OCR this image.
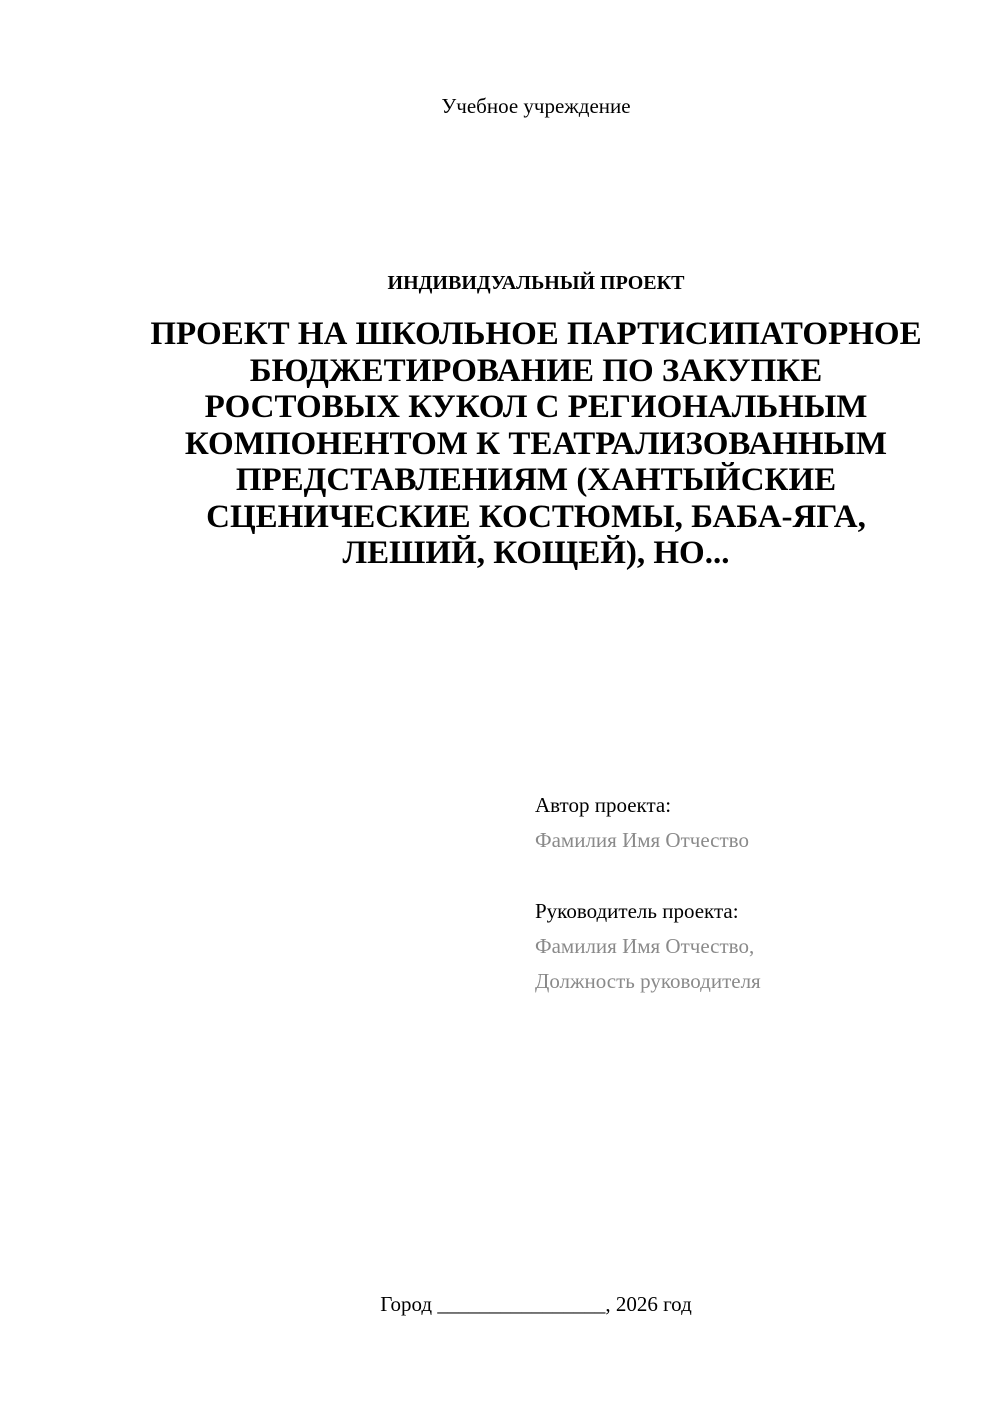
Учебное учреждение
ИНДИВИДУАЛЬНЫЙ ПРОЕКТ
ПРОЕКТ НА ШКОЛЬНОЕ ПАРТИСИПАТОРНОЕ БЮДЖЕТИРОВАНИЕ ПО ЗАКУПКЕ РОСТОВЫХ КУКОЛ С РЕГИОНАЛЬНЫМ КОМПОНЕНТОМ К ТЕАТРАЛИЗОВАННЫМ ПРЕДСТАВЛЕНИЯМ (ХАНТЫЙСКИЕ СЦЕНИЧЕСКИЕ КОСТЮМЫ, БАБА-ЯГА, ЛЕШИЙ, КОЩЕЙ), НО...
Автор проекта:
Фамилия Имя Отчество
Руководитель проекта:
Фамилия Имя Отчество,
Должность руководителя
Город ________________, 2026 год
